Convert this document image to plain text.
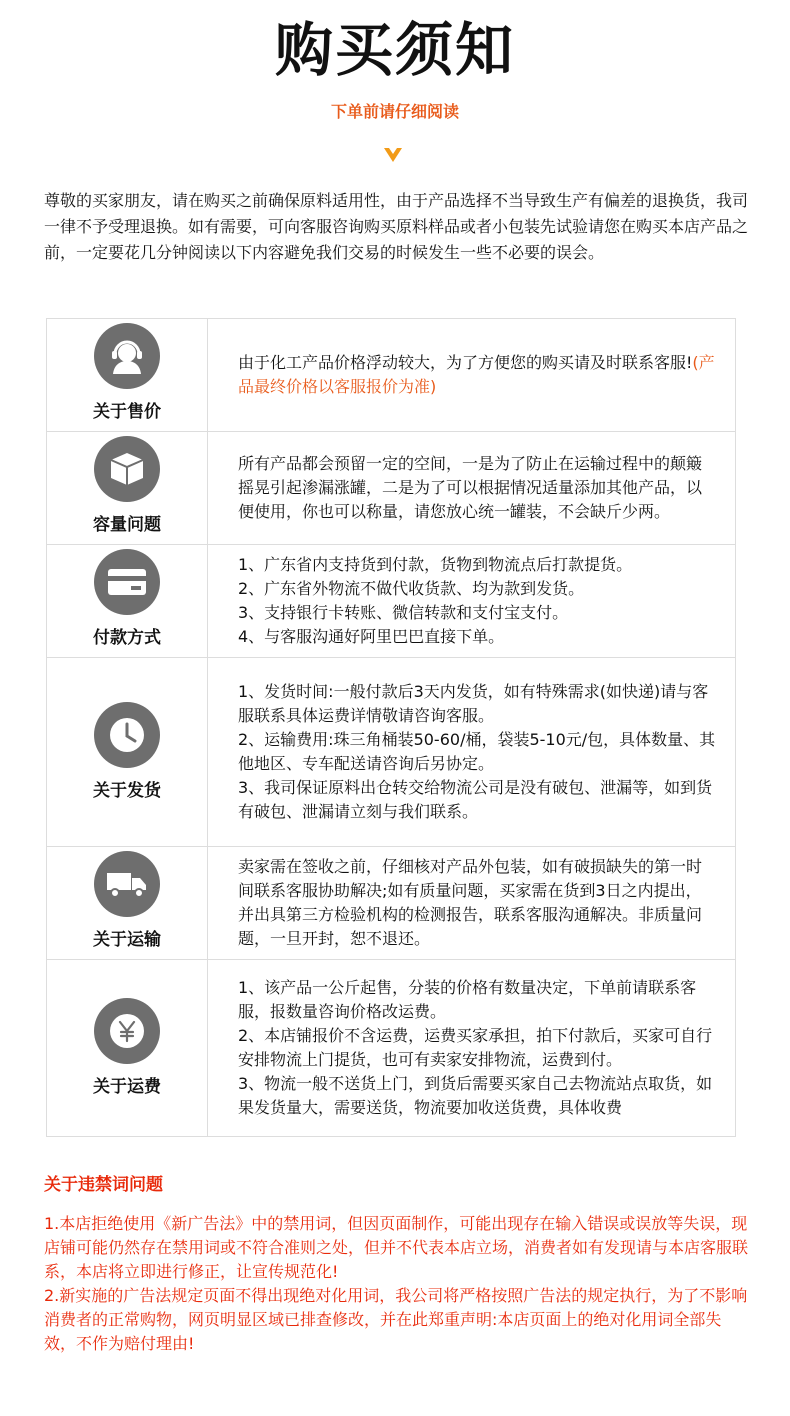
购买须知
下单前请仔细阅读
尊敬的买家朋友，请在购买之前确保原料适用性，由于产品选择不当导致生产有偏差的退换货，我司一律不予受理退换。如有需要，可向客服咨询购买原料样品或者小包装先试验请您在购买本店产品之前，一定要花几分钟阅读以下内容避免我们交易的时候发生一些不必要的误会。
关于售价
由于化工产品价格浮动较大，为了方便您的购买请及时联系客服!(产品最终价格以客服报价为准)
容量问题
所有产品都会预留一定的空间，一是为了防止在运输过程中的颠簸摇晃引起渗漏涨罐，二是为了可以根据情况适量添加其他产品，以便使用，你也可以称量，请您放心统一罐装，不会缺斤少两。
付款方式
1、广东省内支持货到付款，货物到物流点后打款提货。
2、广东省外物流不做代收货款、均为款到发货。
3、支持银行卡转账、微信转款和支付宝支付。
4、与客服沟通好阿里巴巴直接下单。
关于发货
1、发货时间:一般付款后3天内发货，如有特殊需求(如快递)请与客服联系具体运费详情敬请咨询客服。
2、运输费用:珠三角桶装50-60/桶，袋装5-10元/包，具体数量、其他地区、专车配送请咨询后另协定。
3、我司保证原料出仓转交给物流公司是没有破包、泄漏等，如到货有破包、泄漏请立刻与我们联系。
关于运输
卖家需在签收之前，仔细核对产品外包装，如有破损缺失的第一时间联系客服协助解决;如有质量问题，买家需在货到3日之内提出，并出具第三方检验机构的检测报告，联系客服沟通解决。非质量问题，一旦开封，恕不退还。
关于运费
1、该产品一公斤起售，分装的价格有数量决定，下单前请联系客服，报数量咨询价格改运费。
2、本店铺报价不含运费，运费买家承担，拍下付款后，买家可自行安排物流上门提货，也可有卖家安排物流，运费到付。
3、物流一般不送货上门，到货后需要买家自己去物流站点取货，如果发货量大，需要送货，物流要加收送货费，具体收费
关于违禁词问题
1.本店拒绝使用《新广告法》中的禁用词，但因页面制作，可能出现存在输入错误或误放等失误，现店铺可能仍然存在禁用词或不符合准则之处，但并不代表本店立场，消费者如有发现请与本店客服联系，本店将立即进行修正，让宣传规范化!
2.新实施的广告法规定页面不得出现绝对化用词，我公司将严格按照广告法的规定执行，为了不影响消费者的正常购物，网页明显区域已排查修改，并在此郑重声明:本店页面上的绝对化用词全部失效，不作为赔付理由!
